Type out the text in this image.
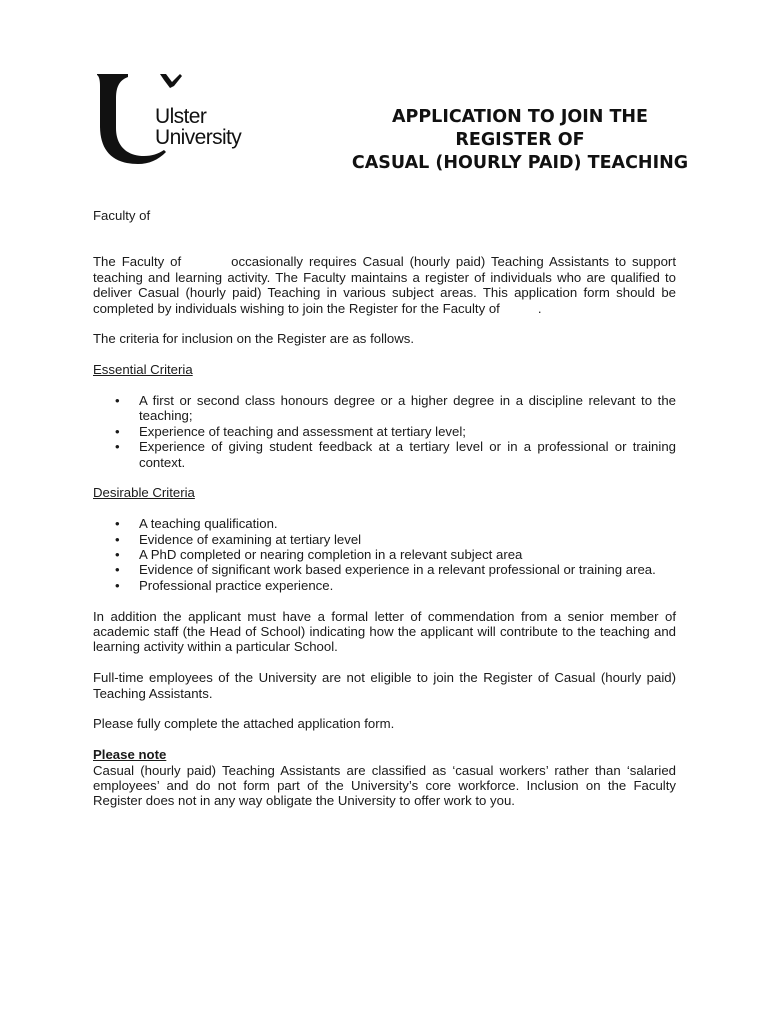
Ulster
University
APPLICATION TO JOIN THE
REGISTER OF
CASUAL (HOURLY PAID) TEACHING

Faculty of

The Faculty of	occasionally requires Casual (hourly paid) Teaching Assistants to support teaching and learning activity. The Faculty maintains a register of individuals who are qualified to deliver Casual (hourly paid) Teaching in various subject areas. This application form should be completed by individuals wishing to join the Register for the Faculty of	.

The criteria for inclusion on the Register are as follows.

Essential Criteria

• A first or second class honours degree or a higher degree in a discipline relevant to the teaching;
• Experience of teaching and assessment at tertiary level;
• Experience of giving student feedback at a tertiary level or in a professional or training context.

Desirable Criteria

• A teaching qualification.
• Evidence of examining at tertiary level
• A PhD completed or nearing completion in a relevant subject area
• Evidence of significant work based experience in a relevant professional or training area.
• Professional practice experience.

In addition the applicant must have a formal letter of commendation from a senior member of academic staff (the Head of School) indicating how the applicant will contribute to the teaching and learning activity within a particular School.

Full-time employees of the University are not eligible to join the Register of Casual (hourly paid) Teaching Assistants.

Please fully complete the attached application form.

Please note

Casual (hourly paid) Teaching Assistants are classified as ‘casual workers’ rather than ‘salaried employees’ and do not form part of the University’s core workforce. Inclusion on the Faculty Register does not in any way obligate the University to offer work to you.
